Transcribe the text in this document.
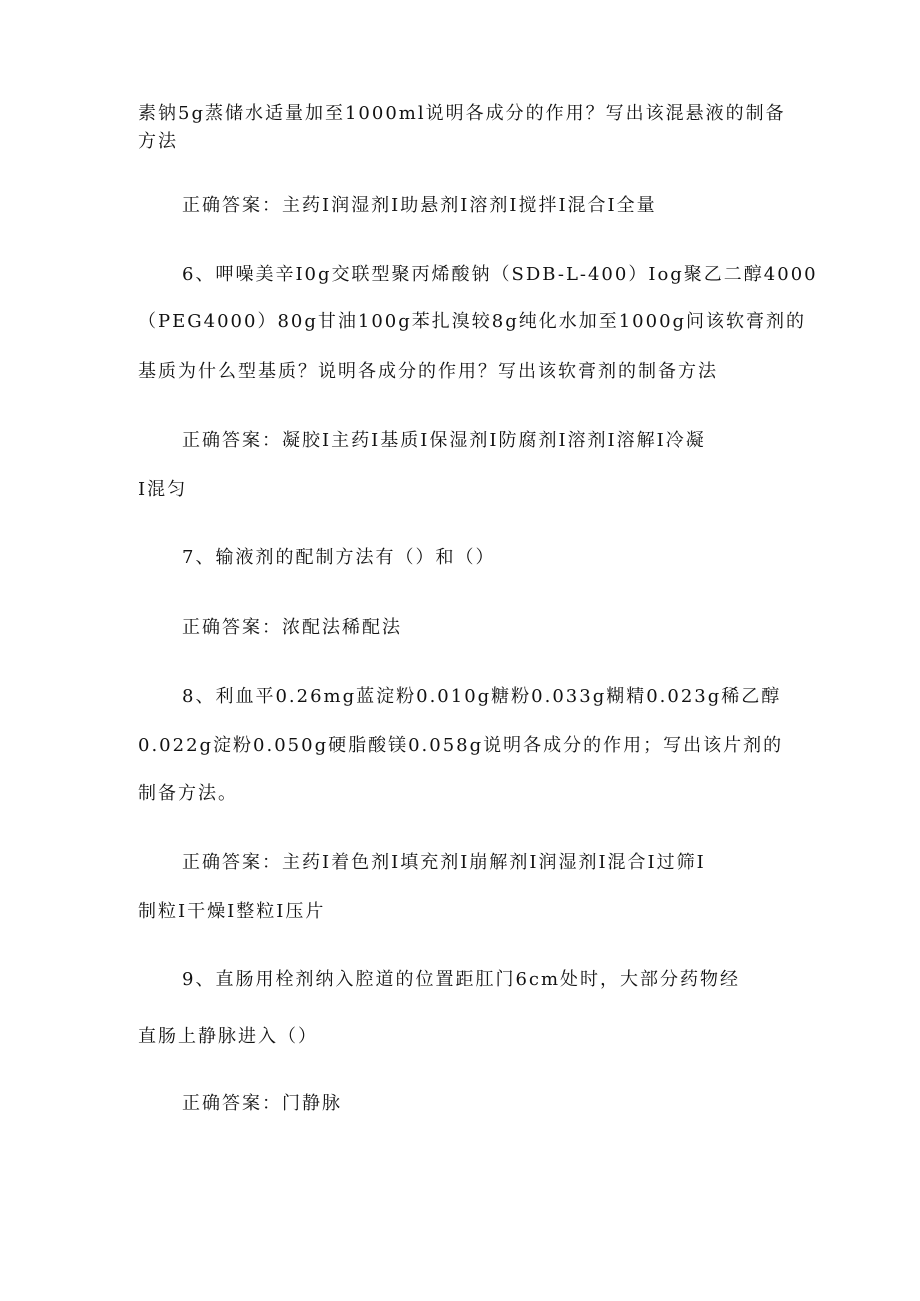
素钠5g蒸储水适量加至1000ml说明各成分的作用？写出该混悬液的制备
方法
正确答案：主药I润湿剂I助悬剂I溶剂I搅拌I混合I全量
6、呷噪美辛I0g交联型聚丙烯酸钠（SDB-L-400）Iog聚乙二醇4000
（PEG4000）80g甘油100g苯扎溴较8g纯化水加至1000g问该软膏剂的
基质为什么型基质？说明各成分的作用？写出该软膏剂的制备方法
正确答案：凝胶I主药I基质I保湿剂I防腐剂I溶剂I溶解I冷凝
I混匀
7、输液剂的配制方法有（）和（）
正确答案：浓配法稀配法
8、利血平0.26mg蓝淀粉0.010g糖粉0.033g糊精0.023g稀乙醇
0.022g淀粉0.050g硬脂酸镁0.058g说明各成分的作用；写出该片剂的
制备方法。
正确答案：主药I着色剂I填充剂I崩解剂I润湿剂I混合I过筛I
制粒I干燥I整粒I压片
9、直肠用栓剂纳入腔道的位置距肛门6cm处时，大部分药物经
直肠上静脉进入（）
正确答案：门静脉
